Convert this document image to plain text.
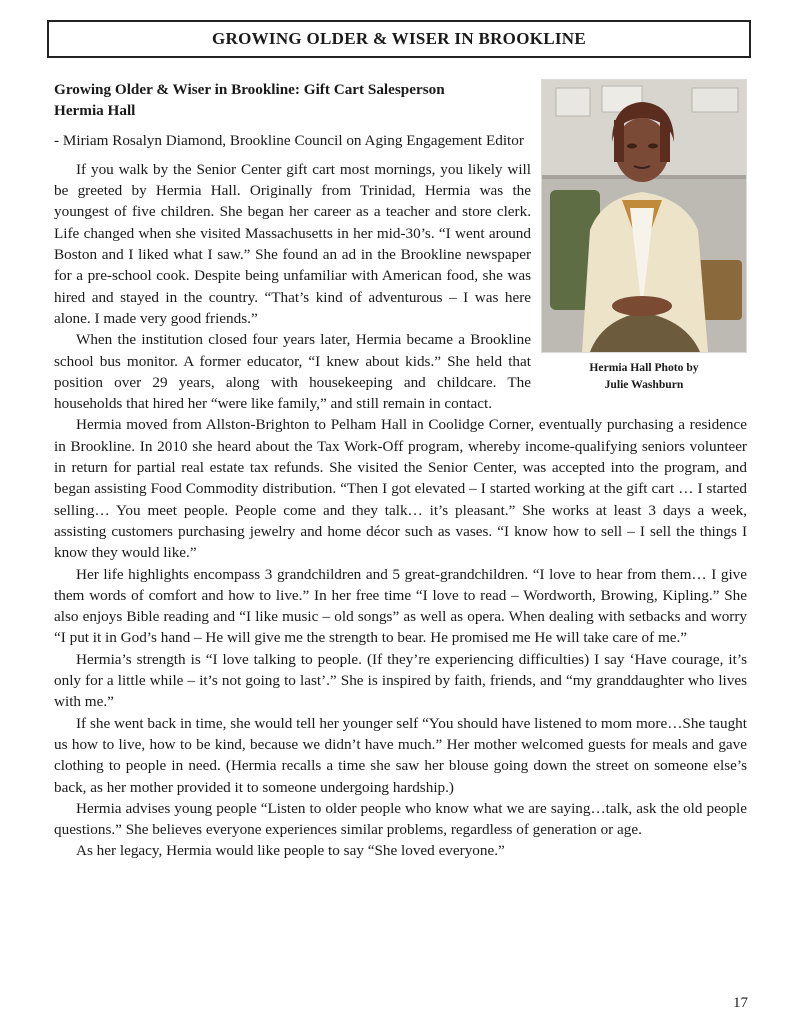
GROWING OLDER & WISER IN BROOKLINE
Hermia Hall Photo by
Julie Washburn
Growing Older & Wiser in Brookline: Gift Cart Salesperson
Hermia Hall

- Miriam Rosalyn Diamond, Brookline Council on Aging Engagement Editor

If you walk by the Senior Center gift cart most mornings, you likely will be greeted by Hermia Hall. Originally from Trinidad, Hermia was the youngest of five children. She began her career as a teacher and store clerk. Life changed when she visited Massachusetts in her mid-30’s. “I went around Boston and I liked what I saw.” She found an ad in the Brookline newspaper for a pre-school cook. Despite being unfamiliar with American food, she was hired and stayed in the country. “That’s kind of adventurous – I was here alone. I made very good friends.”

When the institution closed four years later, Hermia became a Brookline school bus monitor. A former educator, “I knew about kids.” She held that position over 29 years, along with housekeeping and childcare. The households that hired her “were like family,” and still remain in contact.

Hermia moved from Allston-Brighton to Pelham Hall in Coolidge Corner, eventually purchasing a residence in Brookline. In 2010 she heard about the Tax Work-Off program, whereby income-qualifying seniors volunteer in return for partial real estate tax refunds. She visited the Senior Center, was accepted into the program, and began assisting Food Commodity distribution. “Then I got elevated – I started working at the gift cart … I started selling… You meet people. People come and they talk… it’s pleasant.” She works at least 3 days a week, assisting customers purchasing jewelry and home décor such as vases. “I know how to sell – I sell the things I know they would like.”

Her life highlights encompass 3 grandchildren and 5 great-grandchildren. “I love to hear from them… I give them words of comfort and how to live.” In her free time “I love to read – Wordworth, Browing, Kipling.” She also enjoys Bible reading and “I like music – old songs” as well as opera. When dealing with setbacks and worry “I put it in God’s hand – He will give me the strength to bear. He promised me He will take care of me.”

Hermia’s strength is “I love talking to people. (If they’re experiencing difficulties) I say ‘Have courage, it’s only for a little while – it’s not going to last’.” She is inspired by faith, friends, and “my granddaughter who lives with me.”

If she went back in time, she would tell her younger self “You should have listened to mom more…She taught us how to live, how to be kind, because we didn’t have much.” Her mother welcomed guests for meals and gave clothing to people in need. (Hermia recalls a time she saw her blouse going down the street on someone else’s back, as her mother provided it to someone undergoing hardship.)

Hermia advises young people “Listen to older people who know what we are saying…talk, ask the old people questions.” She believes everyone experiences similar problems, regardless of generation or age.

As her legacy, Hermia would like people to say “She loved everyone.”

17
